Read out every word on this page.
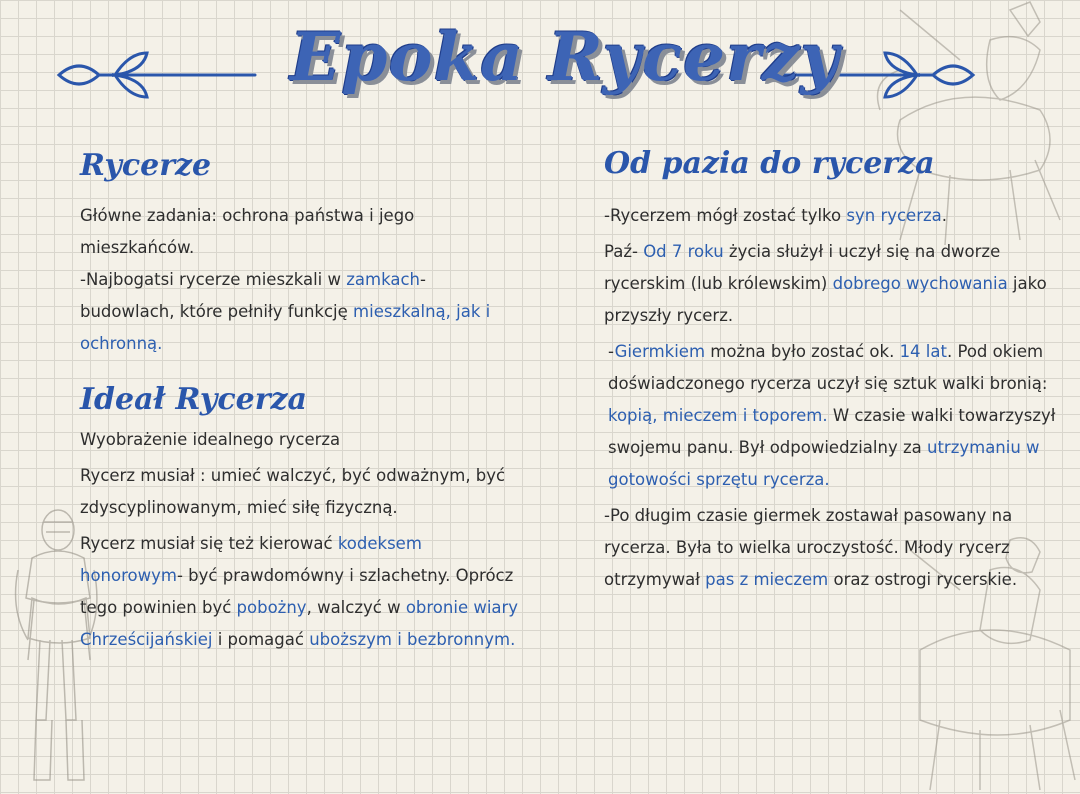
Epoka Rycerzy
Rycerze

Główne zadania: ochrona państwa i jego mieszkańców.

-Najbogatsi rycerze mieszkali w zamkach- budowlach, które pełniły funkcję mieszkalną, jak i ochronną.

Ideał Rycerza

Wyobrażenie idealnego rycerza

Rycerz musiał : umieć walczyć, być odważnym, być zdyscyplinowanym, mieć siłę fizyczną.

Rycerz musiał się też kierować kodeksem honorowym- być prawdomówny i szlachetny. Oprócz tego powinien być pobożny, walczyć w obronie wiary Chrześcijańskiej i pomagać uboższym i bezbronnym.

Od pazia do rycerza

-Rycerzem mógł zostać tylko syn rycerza.

Paź- Od 7 roku życia służył i uczył się na dworze rycerskim (lub królewskim) dobrego wychowania jako przyszły rycerz.

-Giermkiem można było zostać ok. 14 lat. Pod okiem doświadczonego rycerza uczył się sztuk walki bronią: kopią, mieczem i toporem. W czasie walki towarzyszył swojemu panu. Był odpowiedzialny za utrzymaniu w gotowości sprzętu rycerza.

-Po długim czasie giermek zostawał pasowany na rycerza. Była to wielka uroczystość. Młody rycerz otrzymywał pas z mieczem oraz ostrogi rycerskie.
